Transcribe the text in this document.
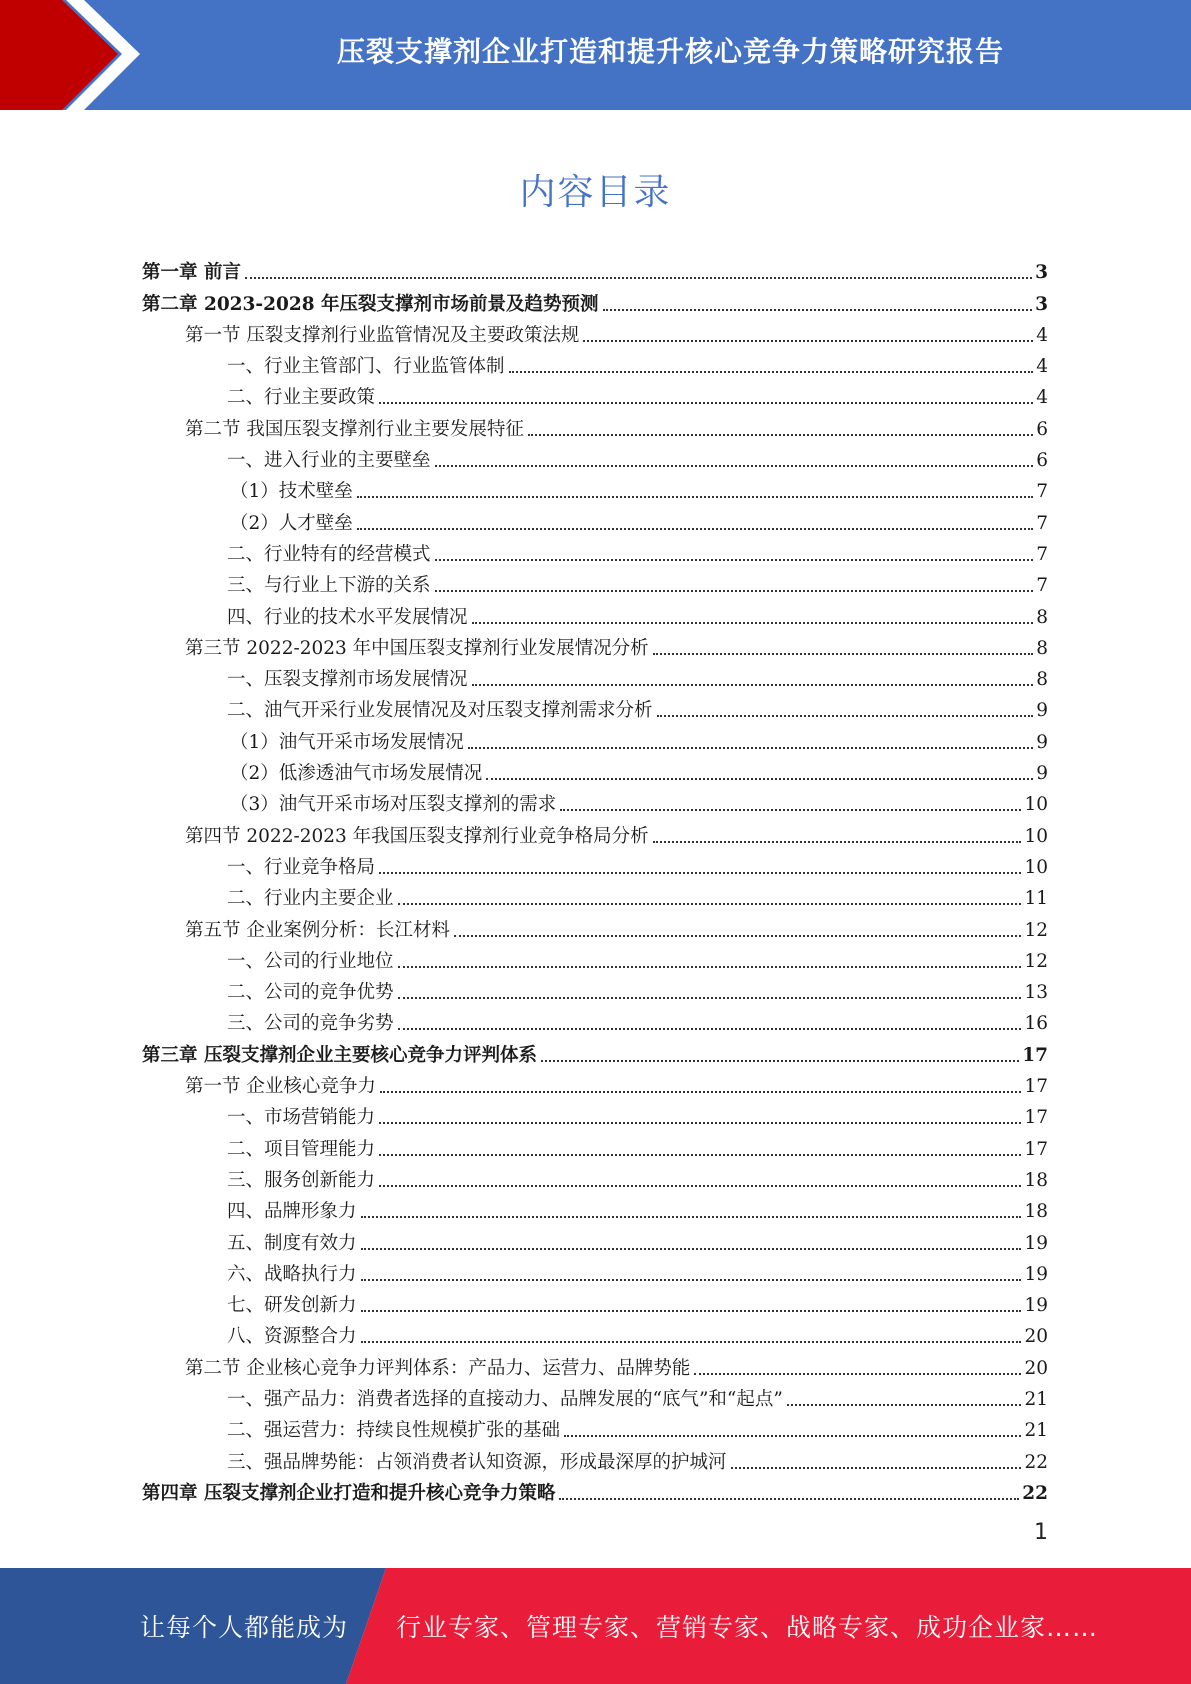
压裂支撑剂企业打造和提升核心竞争力策略研究报告
内容目录
第一章 前言	3
第二章 2023-2028 年压裂支撑剂市场前景及趋势预测	3
第一节 压裂支撑剂行业监管情况及主要政策法规	4
一、行业主管部门、行业监管体制	4
二、行业主要政策	4
第二节 我国压裂支撑剂行业主要发展特征	6
一、进入行业的主要壁垒	6
（1）技术壁垒	7
（2）人才壁垒	7
二、行业特有的经营模式	7
三、与行业上下游的关系	7
四、行业的技术水平发展情况	8
第三节 2022-2023 年中国压裂支撑剂行业发展情况分析	8
一、压裂支撑剂市场发展情况	8
二、油气开采行业发展情况及对压裂支撑剂需求分析	9
（1）油气开采市场发展情况	9
（2）低渗透油气市场发展情况	9
（3）油气开采市场对压裂支撑剂的需求	10
第四节 2022-2023 年我国压裂支撑剂行业竞争格局分析	10
一、行业竞争格局	10
二、行业内主要企业	11
第五节 企业案例分析：长江材料	12
一、公司的行业地位	12
二、公司的竞争优势	13
三、公司的竞争劣势	16
第三章 压裂支撑剂企业主要核心竞争力评判体系	17
第一节 企业核心竞争力	17
一、市场营销能力	17
二、项目管理能力	17
三、服务创新能力	18
四、品牌形象力	18
五、制度有效力	19
六、战略执行力	19
七、研发创新力	19
八、资源整合力	20
第二节 企业核心竞争力评判体系：产品力、运营力、品牌势能	20
一、强产品力：消费者选择的直接动力、品牌发展的“底气”和“起点”	21
二、强运营力：持续良性规模扩张的基础	21
三、强品牌势能：占领消费者认知资源，形成最深厚的护城河	22
第四章 压裂支撑剂企业打造和提升核心竞争力策略	22
1
让每个人都能成为 行业专家、管理专家、营销专家、战略专家、成功企业家……
